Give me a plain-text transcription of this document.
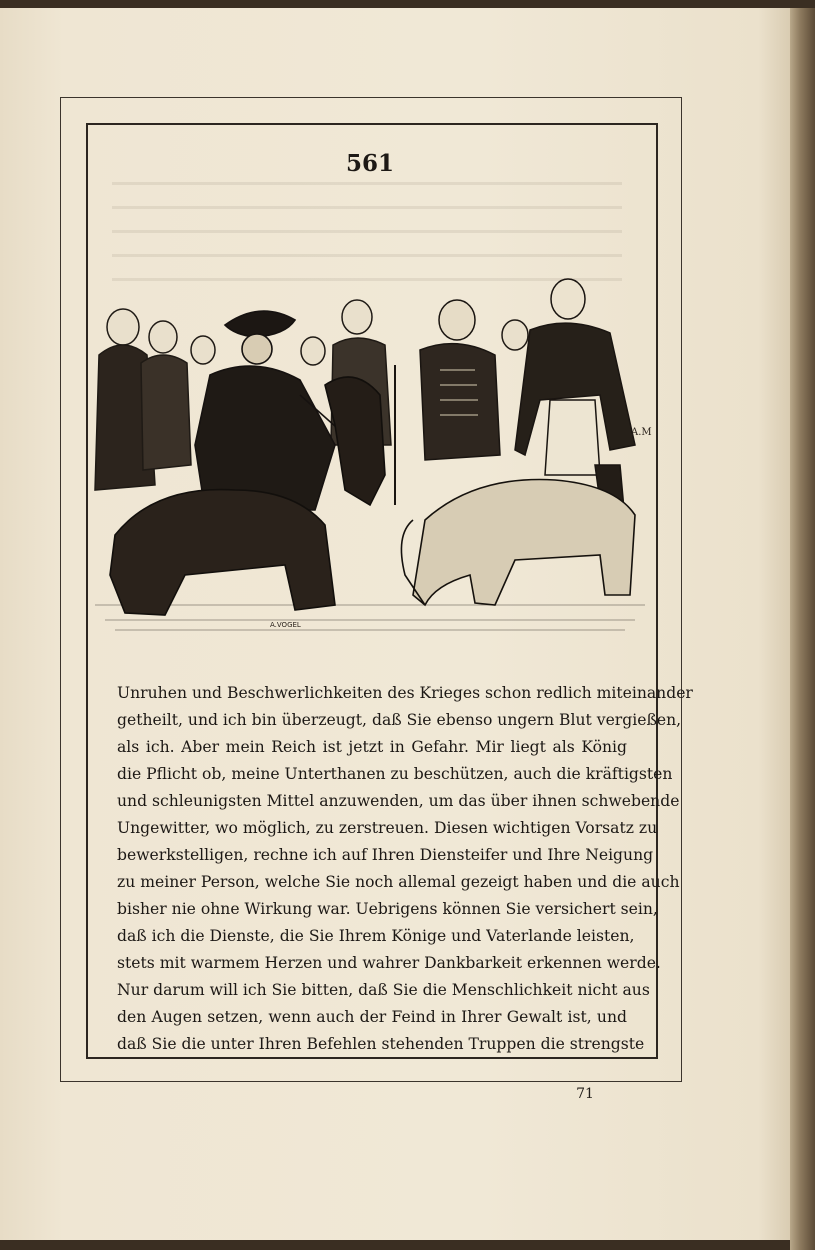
561
A.VOGEL
A.M
Unruhen und Beschwerlichkeiten des Krieges schon redlich miteinander
getheilt, und ich bin überzeugt, daß Sie ebenso ungern Blut vergießen,
als ich. Aber mein Reich ist jetzt in Gefahr. Mir liegt als König
die Pflicht ob, meine Unterthanen zu beschützen, auch die kräftigsten
und schleunigsten Mittel anzuwenden, um das über ihnen schwebende
Ungewitter, wo möglich, zu zerstreuen. Diesen wichtigen Vorsatz zu
bewerkstelligen, rechne ich auf Ihren Diensteifer und Ihre Neigung
zu meiner Person, welche Sie noch allemal gezeigt haben und die auch
bisher nie ohne Wirkung war. Uebrigens können Sie versichert sein,
daß ich die Dienste, die Sie Ihrem Könige und Vaterlande leisten,
stets mit warmem Herzen und wahrer Dankbarkeit erkennen werde.
Nur darum will ich Sie bitten, daß Sie die Menschlichkeit nicht aus
den Augen setzen, wenn auch der Feind in Ihrer Gewalt ist, und
daß Sie die unter Ihren Befehlen stehenden Truppen die strengste
71
